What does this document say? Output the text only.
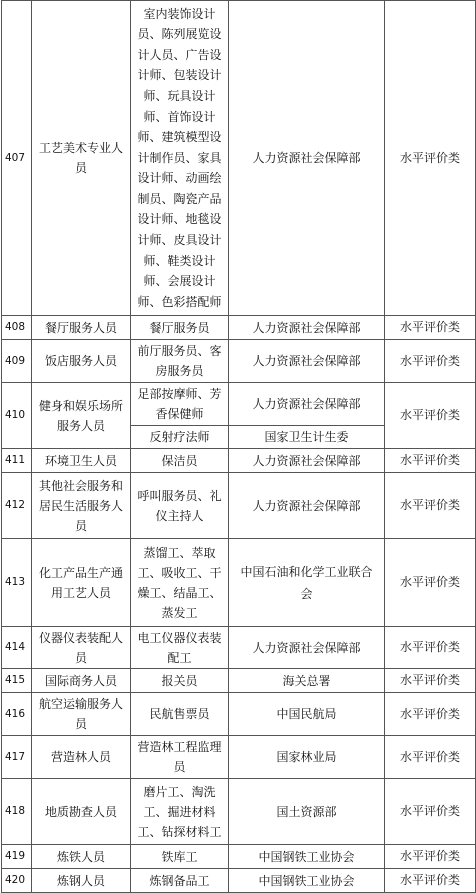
407	工艺美术专业人员	室内装饰设计员、陈列展览设计人员、广告设计师、包装设计师、玩具设计师、首饰设计师、建筑模型设计制作员、家具设计师、动画绘制员、陶瓷产品设计师、地毯设计师、皮具设计师、鞋类设计师、会展设计师、色彩搭配师	人力资源社会保障部	水平评价类
408	餐厅服务人员	餐厅服务员	人力资源社会保障部	水平评价类
409	饭店服务人员	前厅服务员、客房服务员	人力资源社会保障部	水平评价类
410	健身和娱乐场所服务人员	足部按摩师、芳香保健师	人力资源社会保障部	水平评价类
		反射疗法师	国家卫生计生委	
411	环境卫生人员	保洁员	人力资源社会保障部	水平评价类
412	其他社会服务和居民生活服务人员	呼叫服务员、礼仪主持人	人力资源社会保障部	水平评价类
413	化工产品生产通用工艺人员	蒸馏工、萃取工、吸收工、干燥工、结晶工、蒸发工	中国石油和化学工业联合会	水平评价类
414	仪器仪表装配人员	电工仪器仪表装配工	人力资源社会保障部	水平评价类
415	国际商务人员	报关员	海关总署	水平评价类
416	航空运输服务人员	民航售票员	中国民航局	水平评价类
417	营造林人员	营造林工程监理员	国家林业局	水平评价类
418	地质勘查人员	磨片工、淘洗工、掘进材料工、钻探材料工	国土资源部	水平评价类
419	炼铁人员	铁库工	中国钢铁工业协会	水平评价类
420	炼钢人员	炼钢备品工	中国钢铁工业协会	水平评价类
